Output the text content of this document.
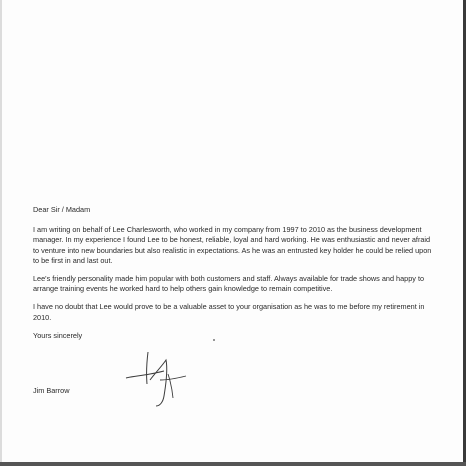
Dear Sir / Madam

I am writing on behalf of Lee Charlesworth, who worked in my company from 1997 to 2010 as the business development manager. In my experience I found Lee to be honest, reliable, loyal and hard working. He was enthusiastic and never afraid to venture into new boundaries but also realistic in expectations. As he was an entrusted key holder he could be relied upon to be first in and last out.

Lee's friendly personality made him popular with both customers and staff. Always available for trade shows and happy to arrange training events he worked hard to help others gain knowledge to remain competitive.

I have no doubt that Lee would prove to be a valuable asset to your organisation as he was to me before my retirement in 2010.

Yours sincerely

Jim Barrow
